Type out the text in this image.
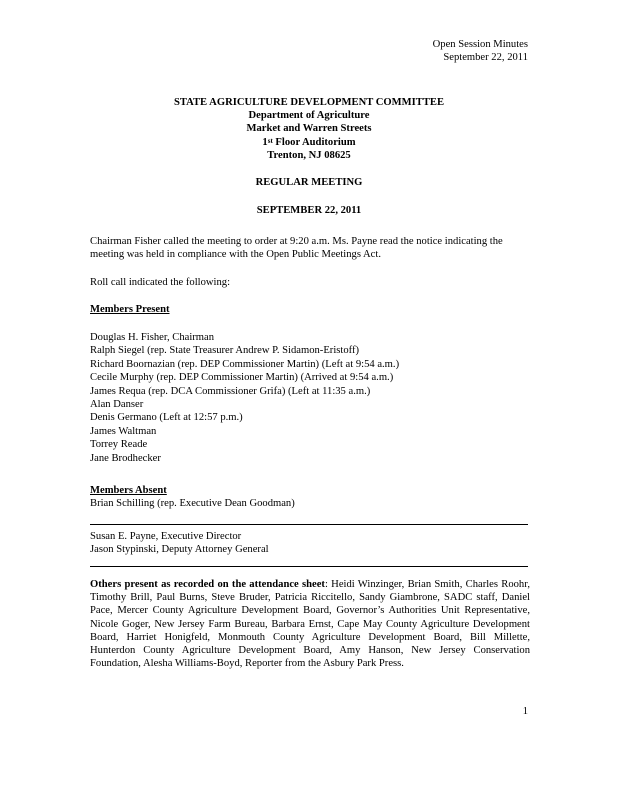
Open Session Minutes
September 22, 2011
STATE AGRICULTURE DEVELOPMENT COMMITTEE
Department of Agriculture
Market and Warren Streets
1st Floor Auditorium
Trenton, NJ 08625
REGULAR MEETING
SEPTEMBER 22, 2011
Chairman Fisher called the meeting to order at 9:20 a.m. Ms. Payne read the notice indicating the meeting was held in compliance with the Open Public Meetings Act.
Roll call indicated the following:
Members Present
Douglas H. Fisher, Chairman
Ralph Siegel (rep. State Treasurer Andrew P. Sidamon-Eristoff)
Richard Boornazian (rep. DEP Commissioner Martin) (Left at 9:54 a.m.)
Cecile Murphy (rep. DEP Commissioner Martin) (Arrived at 9:54 a.m.)
James Requa (rep. DCA Commissioner Grifa) (Left at 11:35 a.m.)
Alan Danser
Denis Germano (Left at 12:57 p.m.)
James Waltman
Torrey Reade
Jane Brodhecker
Members Absent
Brian Schilling (rep. Executive Dean Goodman)
Susan E. Payne, Executive Director
Jason Stypinski, Deputy Attorney General
Others present as recorded on the attendance sheet: Heidi Winzinger, Brian Smith, Charles Roohr, Timothy Brill, Paul Burns, Steve Bruder, Patricia Riccitello, Sandy Giambrone, SADC staff, Daniel Pace, Mercer County Agriculture Development Board, Governor’s Authorities Unit Representative, Nicole Goger, New Jersey Farm Bureau, Barbara Ernst, Cape May County Agriculture Development Board, Harriet Honigfeld, Monmouth County Agriculture Development Board, Bill Millette, Hunterdon County Agriculture Development Board, Amy Hanson, New Jersey Conservation Foundation, Alesha Williams-Boyd, Reporter from the Asbury Park Press.
1
